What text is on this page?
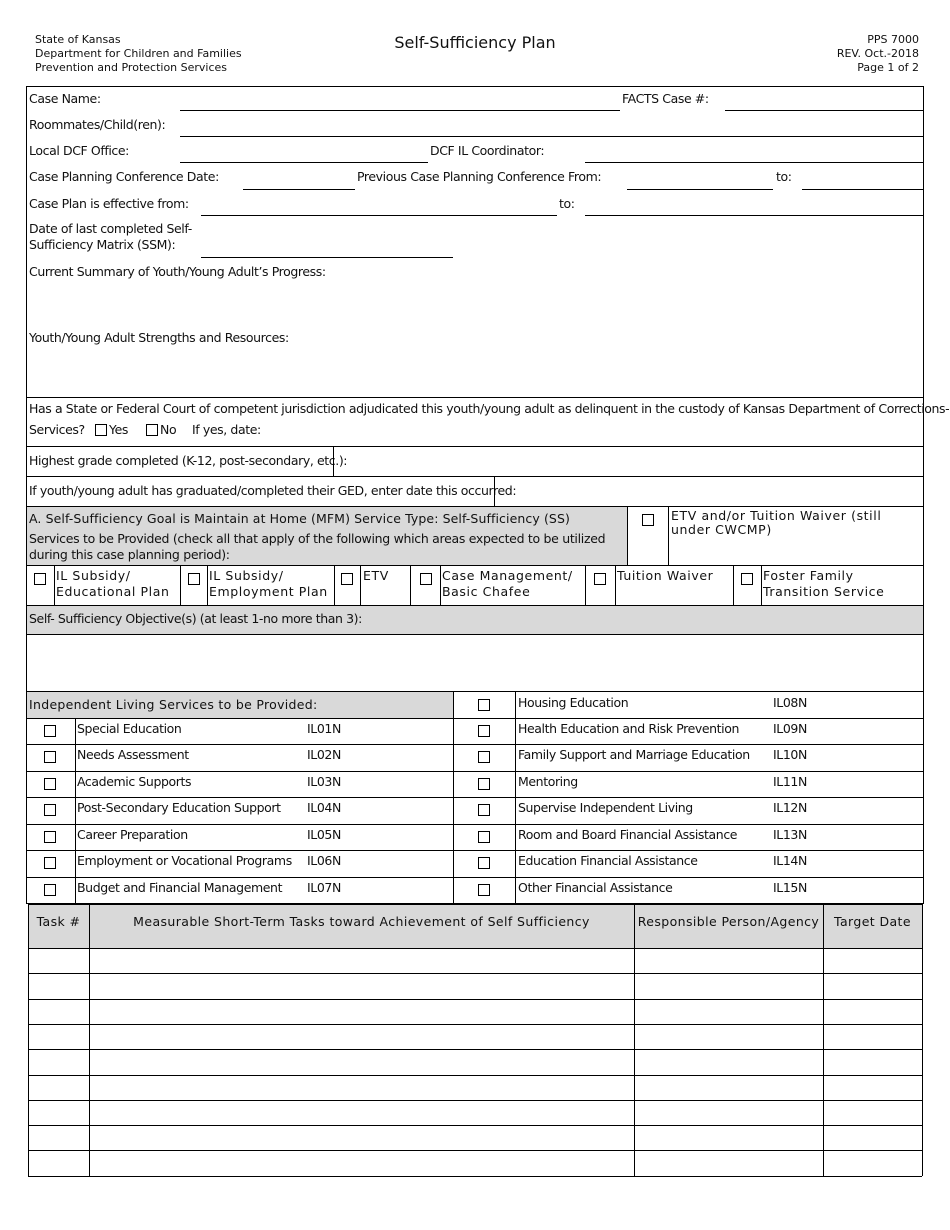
State of Kansas
Department for Children and Families
Prevention and Protection Services
Self-Sufficiency Plan	PPS 7000
REV. Oct.-2018
Page 1 of 2
Case Name:	FACTS Case #:
Roommates/Child(ren):
Local DCF Office:	DCF IL Coordinator:
Case Planning Conference Date:	Previous Case Planning Conference From:	to:
Case Plan is effective from:	to:
Date of last completed Self-
Sufficiency Matrix (SSM):
Current Summary of Youth/Young Adult’s Progress:
Youth/Young Adult Strengths and Resources:
Has a State or Federal Court of competent jurisdiction adjudicated this youth/young adult as delinquent in the custody of Kansas Department of Corrections-
Services? Yes	No If yes, date:
Highest grade completed (K-12, post-secondary, etc.):
If youth/young adult has graduated/completed their GED, enter date this occurred:
A. Self-Sufficiency Goal is Maintain at Home (MFM) Service Type: Self-Sufficiency (SS)
Services to be Provided (check all that apply of the following which areas expected to be utilized during this case planning period):
ETV and/or Tuition Waiver (still under CWCMP)
IL Subsidy/ Educational Plan
IL Subsidy/ Employment Plan
ETV	Case Management/ Basic Chafee
Tuition Waiver	Foster Family Transition Service
Self- Sufficiency Objective(s) (at least 1-no more than 3):
Independent Living Services to be Provided:
Special Education	IL01N
Needs Assessment	IL02N
Academic Supports	IL03N
Post-Secondary Education Support IL04N
Career Preparation	IL05N
Employment or Vocational Programs IL06N
Budget and Financial Management IL07N
Housing Education	IL08N
Health Education and Risk Prevention	IL09N
Family Support and Marriage Education IL10N
Mentoring	IL11N
Supervise Independent Living	IL12N
Room and Board Financial Assistance	IL13N
Education Financial Assistance	IL14N
Other Financial Assistance	IL15N
Task #	Measurable Short-Term Tasks toward Achievement of Self Sufficiency	Responsible Person/Agency	Target Date
